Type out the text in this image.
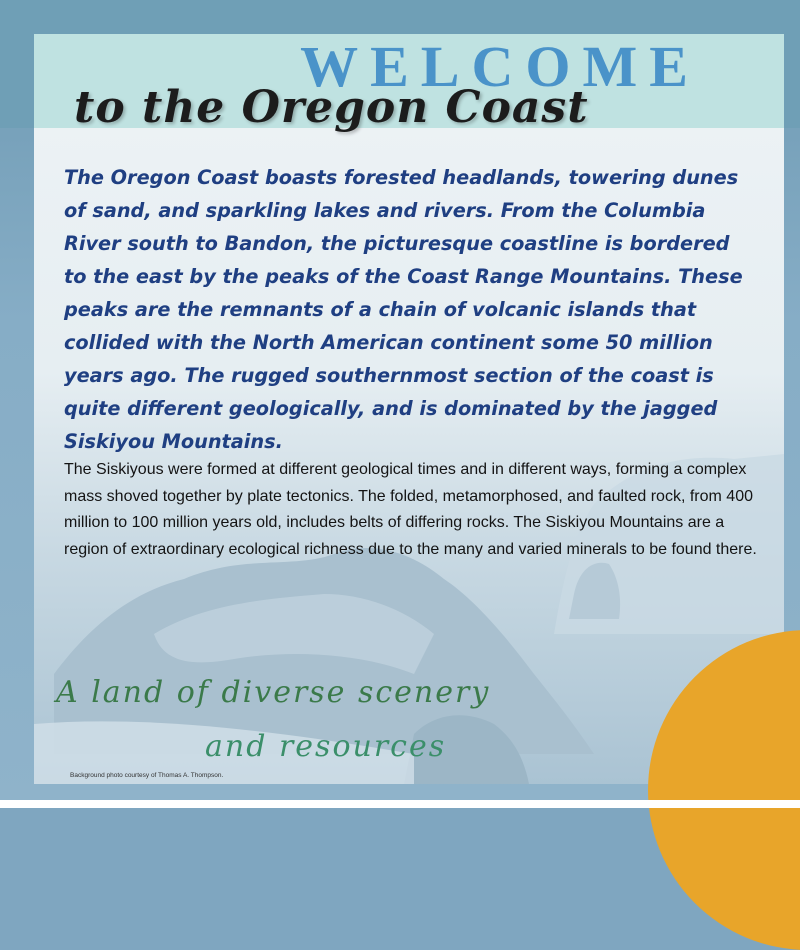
WELCOME
to the Oregon Coast

The Oregon Coast boasts forested headlands, towering dunes of sand, and sparkling lakes and rivers. From the Columbia River south to Bandon, the picturesque coastline is bordered to the east by the peaks of the Coast Range Mountains. These peaks are the remnants of a chain of volcanic islands that collided with the North American continent some 50 million years ago. The rugged southernmost section of the coast is quite different geologically, and is dominated by the jagged Siskiyou Mountains.

The Siskiyous were formed at different geological times and in different ways, forming a complex mass shoved together by plate tectonics. The folded, metamorphosed, and faulted rock, from 400 million to 100 million years old, includes belts of differing rocks. The Siskiyou Mountains are a region of extraordinary ecological richness due to the many and varied minerals to be found there.

A land of diverse scenery

and resources

Background photo courtesy of Thomas A. Thompson.
